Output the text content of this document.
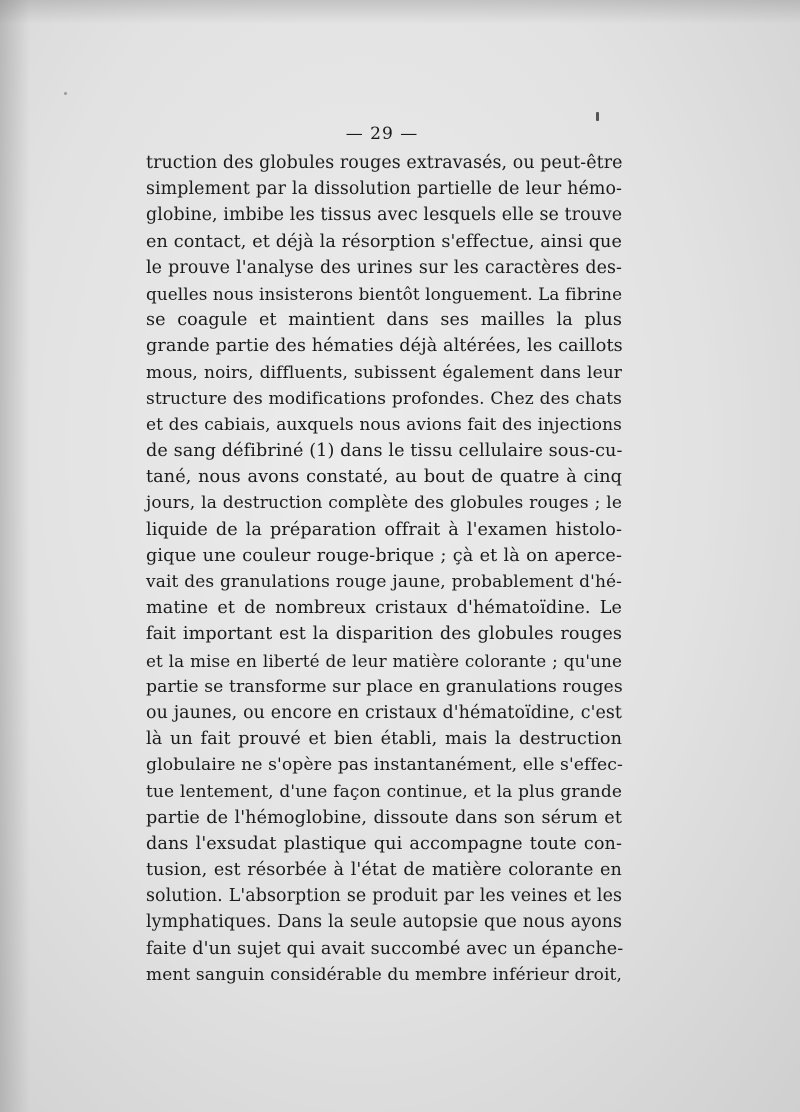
— 29 —
truction des globules rouges extravasés, ou peut-être
simplement par la dissolution partielle de leur hémo-
globine, imbibe les tissus avec lesquels elle se trouve
en contact, et déjà la résorption s'effectue, ainsi que
le prouve l'analyse des urines sur les caractères des-
quelles nous insisterons bientôt longuement. La fibrine
se coagule et maintient dans ses mailles la plus
grande partie des hématies déjà altérées, les caillots
mous, noirs, diffluents, subissent également dans leur
structure des modifications profondes. Chez des chats
et des cabiais, auxquels nous avions fait des injections
de sang défibriné (1) dans le tissu cellulaire sous-cu-
tané, nous avons constaté, au bout de quatre à cinq
jours, la destruction complète des globules rouges ; le
liquide de la préparation offrait à l'examen histolo-
gique une couleur rouge-brique ; çà et là on aperce-
vait des granulations rouge jaune, probablement d'hé-
matine et de nombreux cristaux d'hématoïdine. Le
fait important est la disparition des globules rouges
et la mise en liberté de leur matière colorante ; qu'une
partie se transforme sur place en granulations rouges
ou jaunes, ou encore en cristaux d'hématoïdine, c'est
là un fait prouvé et bien établi, mais la destruction
globulaire ne s'opère pas instantanément, elle s'effec-
tue lentement, d'une façon continue, et la plus grande
partie de l'hémoglobine, dissoute dans son sérum et
dans l'exsudat plastique qui accompagne toute con-
tusion, est résorbée à l'état de matière colorante en
solution. L'absorption se produit par les veines et les
lymphatiques. Dans la seule autopsie que nous ayons
faite d'un sujet qui avait succombé avec un épanche-
ment sanguin considérable du membre inférieur droit,
